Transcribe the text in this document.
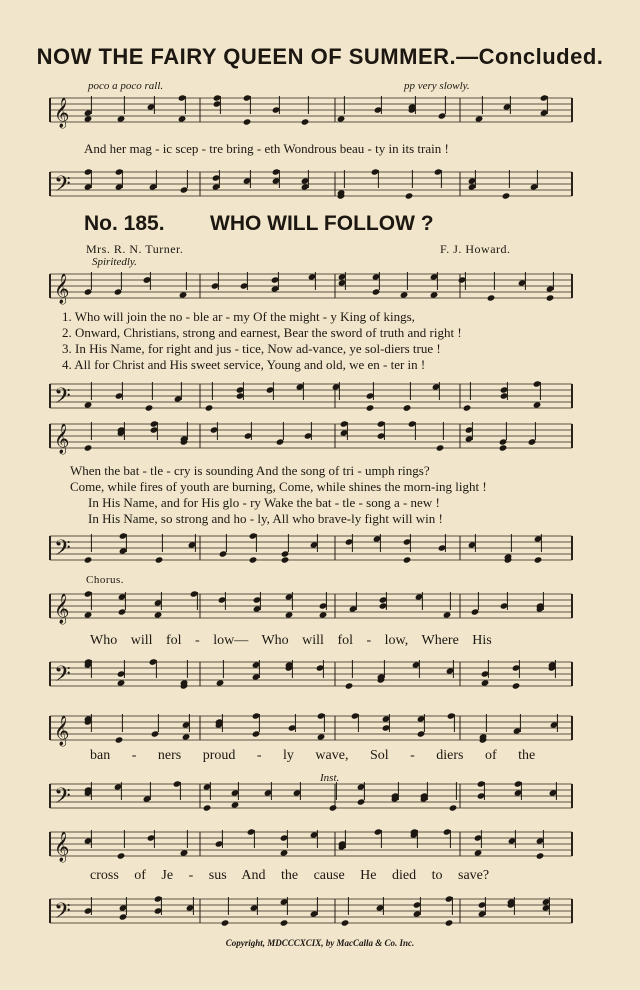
NOW THE FAIRY QUEEN OF SUMMER.—Concluded.
poco a poco rall.	pp very slowly.
𝄞
And her mag - ic scep - tre bring - eth Wondrous beau - ty in its train !
𝄢
No. 185. WHO WILL FOLLOW ?
Mrs. R. N. Turner.	F. J. Howard.
Spiritedly.
𝄞
1. Who will join the no - ble ar - my Of the might - y King of kings,
2. Onward, Christians, strong and earnest, Bear the sword of truth and right !
3. In His Name, for right and jus - tice, Now ad-vance, ye sol-diers true !
4. All for Christ and His sweet service, Young and old, we en - ter in !
𝄢
𝄞
When the bat - tle - cry is sounding And the song of tri - umph rings?
Come, while fires of youth are burning, Come, while shines the morn-ing light !
In His Name, and for His glo - ry Wake the bat - tle - song a - new !
In His Name, so strong and ho - ly, All who brave-ly fight will win !
𝄢
Chorus.
𝄞
Who will fol - low— Who will fol - low, Where His
𝄢
𝄞
ban - ners proud - ly wave, Sol - diers of the
Inst.
𝄢
𝄞
cross of Je - sus And the cause He died to save?
𝄢
Copyright, MDCCCXCIX, by MacCalla & Co. Inc.
